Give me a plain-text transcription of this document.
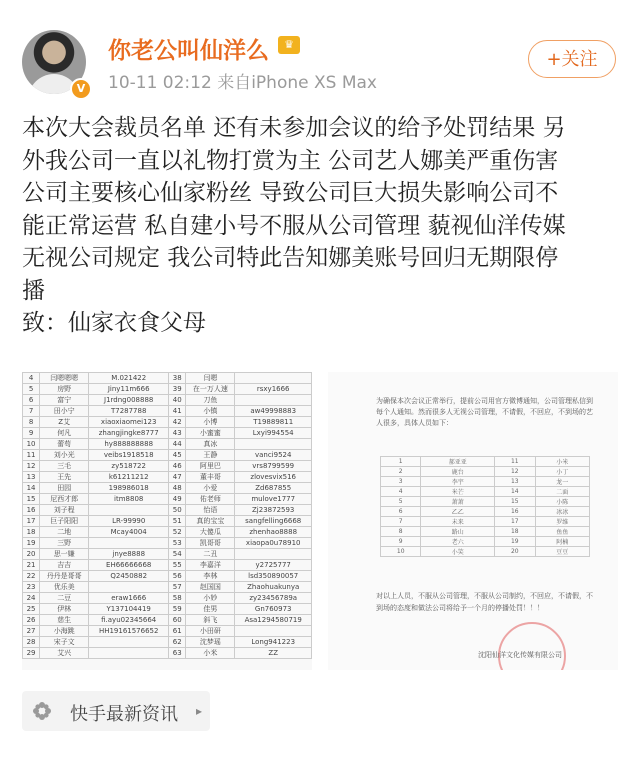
V
你老公叫仙洋么	♛
10-11 02:12 来自iPhone XS Max
+关注
本次大会裁员名单 还有未参加会议的给予处罚结果 另
外我公司一直以礼物打赏为主 公司艺人娜美严重伤害
公司主要核心仙家粉丝 导致公司巨大损失影响公司不
能正常运营 私自建小号不服从公司管理 藐视仙洋传媒
无视公司规定 我公司特此告知娜美账号回归无期限停
播
致：仙家衣食父母
4	闫嗯嗯嗯	M.021422	38	闫嗯	
5	房野	Jiny11m666	39	在一万人速	rsxy1666
6	富宁	J1rdng008888	40	刀鱼	
7	田小宁	T7287788	41	小镇	aw49998883
8	Z艾	xiaoxiaomei123	42	小博	T19889811
9	何凡	zhangjingke8777	43	小蜜蜜	Lxyi994554
10	蕾苟	hy888888888	44	真冰	
11	刘小光	veibs1918518	45	王静	vanci9524
12	三毛	zy518722	46	阿里巴	vrs8799599
13	王先	k61211212	47	董丰哥	zlovesvix516
14	田园	198986018	48	小爱	Zd687855
15	尼西才郎	itm8808	49	佑老师	mulove1777
16	刘子程		50	怡语	Zj23872593
17	巨子阳阳	LR-99990	51	真的宝宝	sangfelling6668
18	二地	Mcay4004	52	大傻瓜	zhenhao8888
19	三野		53	凯哥哥	xiaopa0u78910
20	思一嫌	jnye8888	54	二丑	
21	吉吉	EH66666668	55	李嘉洋	y2725777
22	丹丹是哥哥	Q2450882	56	李林	lsd350890057
23	优乐美		57	赵国国	Zhaohuakunya
24	二豆	eraw1666	58	小妙	zy23456789a
25	伊林	Y137104419	59	佳男	Gn760973
26	慈生	fi.ayu02345664	60	斜飞	Asa1294580719
27	小海跳	HH19161576652	61	小田研	
28	宋子文		62	沈梦瑶	Long941223
29	艾兴		63	小米	ZZ
为确保本次会议正常举行，提前公司用官方微博通知，公司管理私信到每个人通知。然而很多人无视公司管理，不请假，不回应，不到场的艺人很多，具体人员如下：
1	郝亚亚	11	小米
2	鹿台	12	小丁
3	李宇	13	龙一
4	米芒	14	二面
5	萧萧	15	小陈
6	乙乙	16	冰冰
7	未来	17	罗维
8	路山	18	鱼鱼
9	老六	19	阿楠
10	小笑	20	豆豆
对以上人员，不服从公司管理，不服从公司制约，不回应，不请假，不到场的态度和做法公司将给予一个月的停播处罚！！！
沈阳仙洋文化传媒有限公司
快手最新资讯 ▸
